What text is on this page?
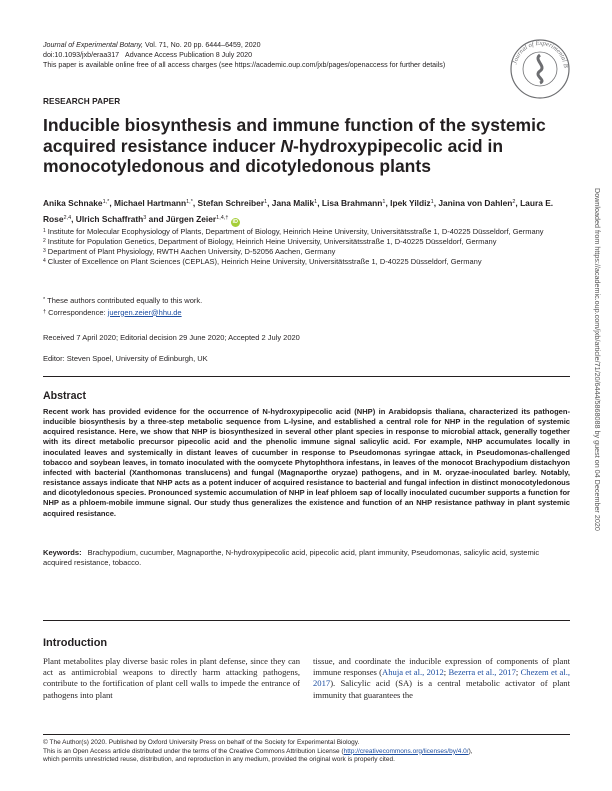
Journal of Experimental Botany, Vol. 71, No. 20 pp. 6444–6459, 2020
doi:10.1093/jxb/eraa317 Advance Access Publication 8 July 2020
This paper is available online free of all access charges (see https://academic.oup.com/jxb/pages/openaccess for further details)	Journal of Experimental B
RESEARCH PAPER
Inducible biosynthesis and immune function of the systemic acquired resistance inducer N-hydroxypipecolic acid in monocotyledonous and dicotyledonous plants
Anika Schnake$^{1,*}$, Michael Hartmann$^{1,*}$, Stefan Schreiber$^1$, Jana Malik$^1$, Lisa Brahmann$^1$, Ipek Yildiz$^1$, Janina von Dahlen$^2$, Laura E. Rose$^{2,4}$, Ulrich Schaffrath$^3$ and Jürgen Zeier$^{1,4,\dagger}$ iD
$^1$ Institute for Molecular Ecophysiology of Plants, Department of Biology, Heinrich Heine University, Universitätsstraße 1, D-40225 Düsseldorf, Germany
$^2$ Institute for Population Genetics, Department of Biology, Heinrich Heine University, Universitätsstraße 1, D-40225 Düsseldorf, Germany
$^3$ Department of Plant Physiology, RWTH Aachen University, D-52056 Aachen, Germany
$^4$ Cluster of Excellence on Plant Sciences (CEPLAS), Heinrich Heine University, Universitätsstraße 1, D-40225 Düsseldorf, Germany
* These authors contributed equally to this work.
† Correspondence: juergen.zeier@hhu.de
Received 7 April 2020; Editorial decision 29 June 2020; Accepted 2 July 2020
Editor: Steven Spoel, University of Edinburgh, UK
Abstract

Recent work has provided evidence for the occurrence of N-hydroxypipecolic acid (NHP) in Arabidopsis thaliana, characterized its pathogen-inducible biosynthesis by a three-step metabolic sequence from L-lysine, and established a central role for NHP in the regulation of systemic acquired resistance. Here, we show that NHP is biosynthesized in several other plant species in response to microbial attack, generally together with its direct metabolic precursor pipecolic acid and the phenolic immune signal salicylic acid. For example, NHP accumulates locally in inoculated leaves and systemically in distant leaves of cucumber in response to Pseudomonas syringae attack, in Pseudomonas-challenged tobacco and soybean leaves, in tomato inoculated with the oomycete Phytophthora infestans, in leaves of the monocot Brachypodium distachyon infected with bacterial (Xanthomonas translucens) and fungal (Magnaporthe oryzae) pathogens, and in M. oryzae-inoculated barley. Notably, resistance assays indicate that NHP acts as a potent inducer of acquired resistance to bacterial and fungal infection in distinct monocotyledonous and dicotyledonous species. Pronounced systemic accumulation of NHP in leaf phloem sap of locally inoculated cucumber supports a function for NHP as a phloem-mobile immune signal. Our study thus generalizes the existence and function of an NHP resistance pathway in plant systemic acquired resistance.

Keywords: Brachypodium, cucumber, Magnaporthe, N-hydroxypipecolic acid, pipecolic acid, plant immunity, Pseudomonas, salicylic acid, systemic acquired resistance, tobacco.
Introduction

Plant metabolites play diverse basic roles in plant defense, since they can act as antimicrobial weapons to directly harm attacking pathogens, contribute to the fortification of plant cell walls to impede the entrance of pathogens into plant

tissue, and coordinate the inducible expression of components of plant immune responses (Ahuja et al., 2012; Bezerra et al., 2017; Chezem et al., 2017). Salicylic acid (SA) is a central metabolic activator of plant immunity that guarantees the

© The Author(s) 2020. Published by Oxford University Press on behalf of the Society for Experimental Biology.
This is an Open Access article distributed under the terms of the Creative Commons Attribution License (http://creativecommons.org/licenses/by/4.0/),
which permits unrestricted reuse, distribution, and reproduction in any medium, provided the original work is properly cited.
Downloaded from https://academic.oup.com/jxb/article/71/20/6444/5868088 by guest on 04 December 2020
